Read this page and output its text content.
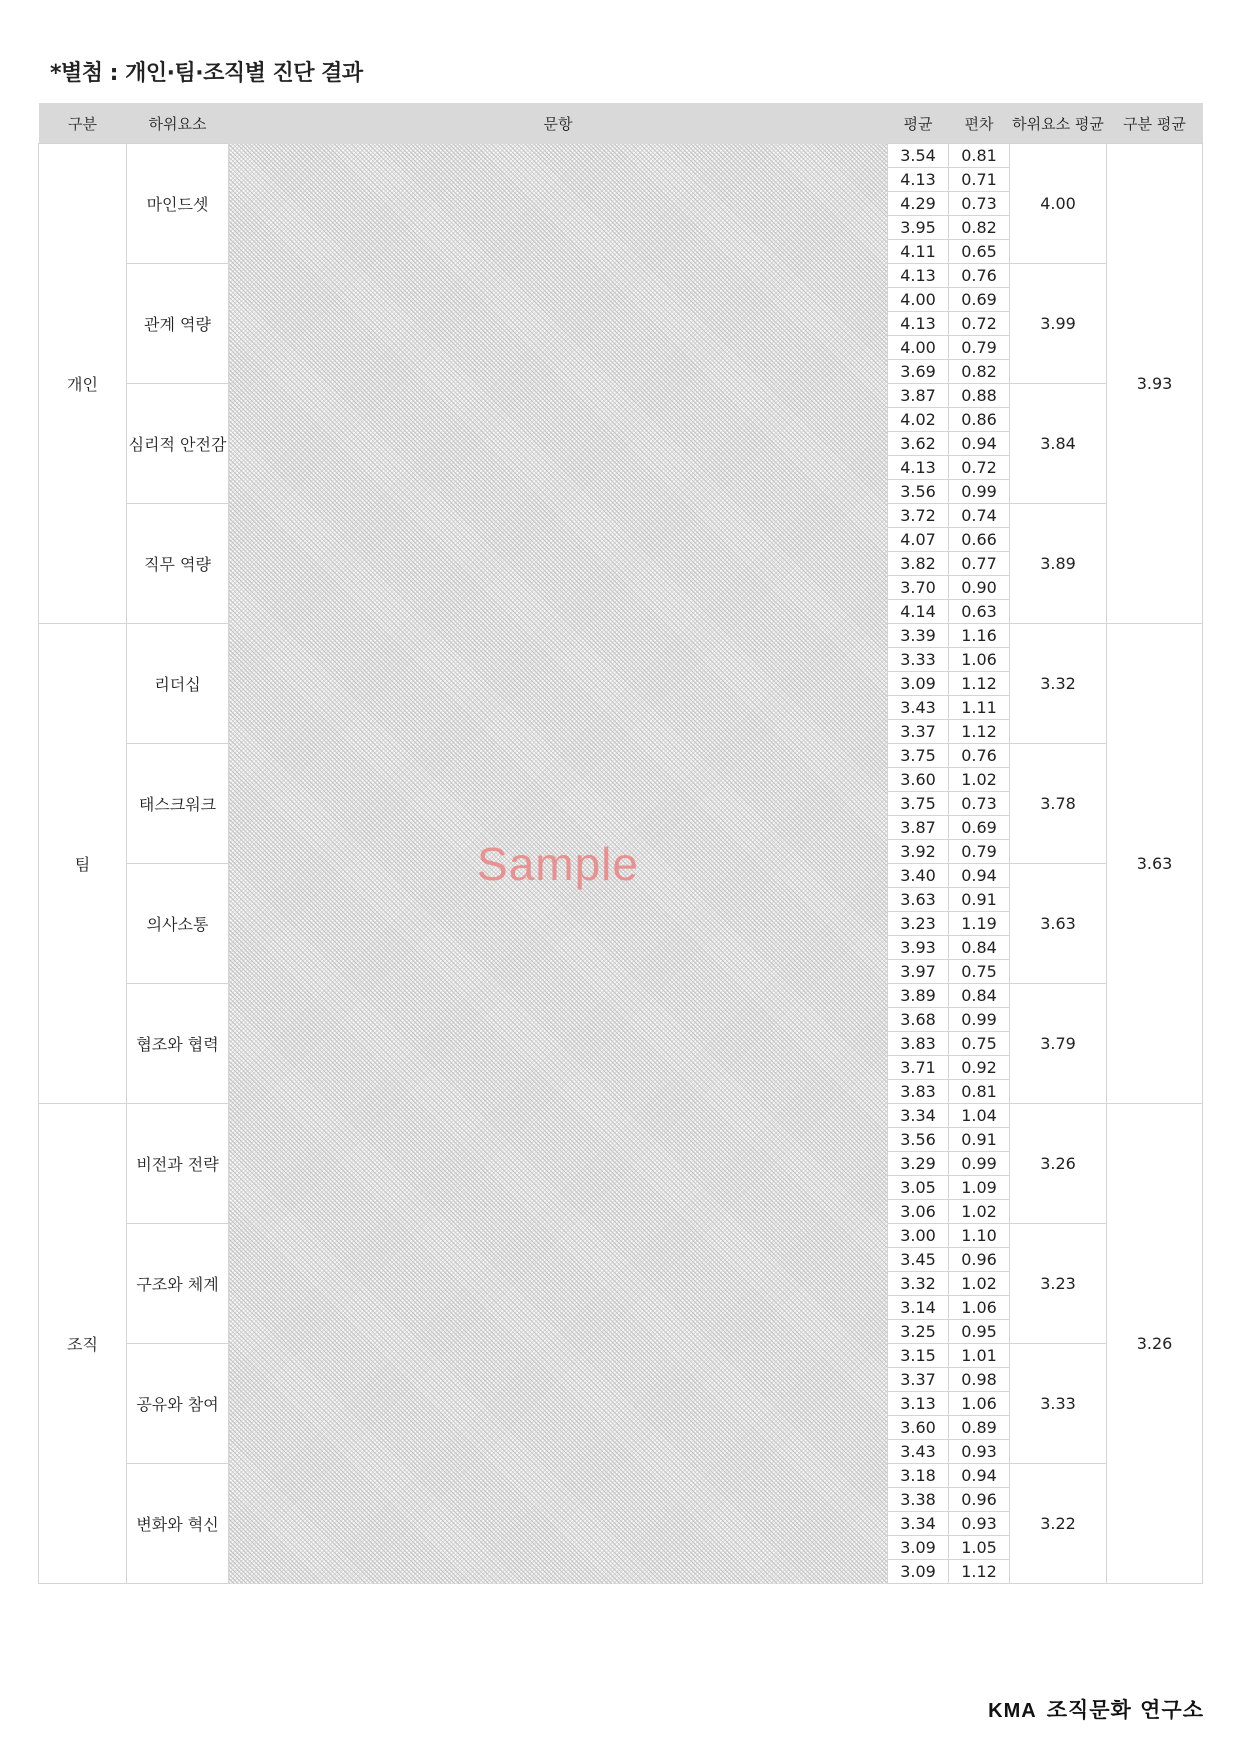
*별첨 : 개인·팀·조직별 진단 결과
구분	하위요소	문항	평균	편차	하위요소 평균	구분 평균
개인	마인드셋	Sample	3.54	0.81	4.00	3.93
			4.13	0.71		
			4.29	0.73		
			3.95	0.82		
			4.11	0.65		
	관계 역량		4.13	0.76	3.99	
			4.00	0.69		
			4.13	0.72		
			4.00	0.79		
			3.69	0.82		
	심리적 안전감		3.87	0.88	3.84	
			4.02	0.86		
			3.62	0.94		
			4.13	0.72		
			3.56	0.99		
	직무 역량		3.72	0.74	3.89	
			4.07	0.66		
			3.82	0.77		
			3.70	0.90		
			4.14	0.63		
팀	리더십		3.39	1.16	3.32	3.63
			3.33	1.06		
			3.09	1.12		
			3.43	1.11		
			3.37	1.12		
	태스크워크		3.75	0.76	3.78	
			3.60	1.02		
			3.75	0.73		
			3.87	0.69		
			3.92	0.79		
	의사소통		3.40	0.94	3.63	
			3.63	0.91		
			3.23	1.19		
			3.93	0.84		
			3.97	0.75		
	협조와 협력		3.89	0.84	3.79	
			3.68	0.99		
			3.83	0.75		
			3.71	0.92		
			3.83	0.81		
조직	비전과 전략		3.34	1.04	3.26	3.26
			3.56	0.91		
			3.29	0.99		
			3.05	1.09		
			3.06	1.02		
	구조와 체계		3.00	1.10	3.23	
			3.45	0.96		
			3.32	1.02		
			3.14	1.06		
			3.25	0.95		
	공유와 참여		3.15	1.01	3.33	
			3.37	0.98		
			3.13	1.06		
			3.60	0.89		
			3.43	0.93		
	변화와 혁신		3.18	0.94	3.22	
			3.38	0.96		
			3.34	0.93		
			3.09	1.05		
			3.09	1.12		
KMA 조직문화 연구소
